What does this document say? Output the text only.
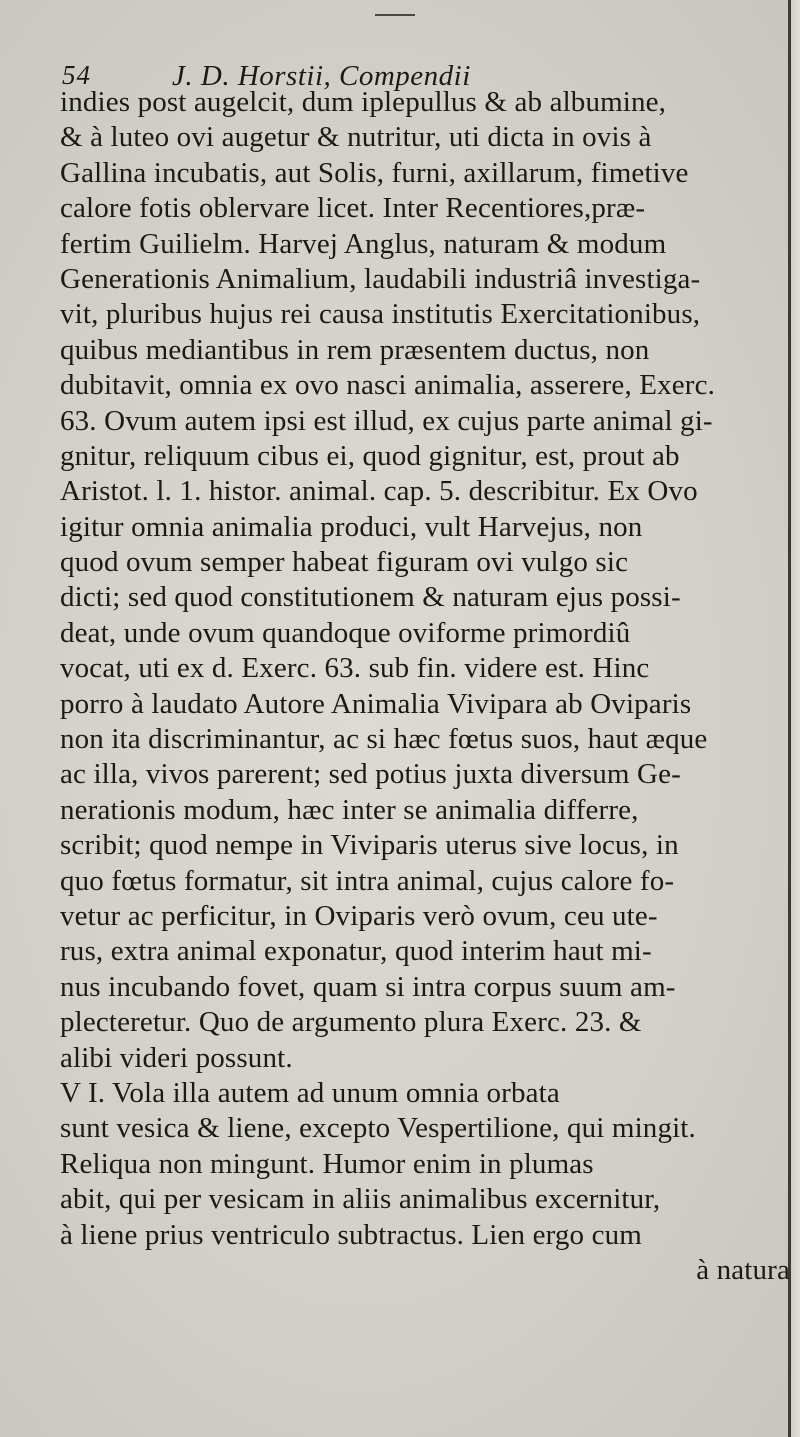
54	J. D. Horstii, Compendii
indies post augelcit, dum iplepullus & ab albumine,
& à luteo ovi augetur & nutritur, uti dicta in ovis à
Gallina incubatis, aut Solis, furni, axillarum, fimetive
calore fotis oblervare licet. Inter Recentiores,præ-
fertim Guilielm. Harvej Anglus, naturam & modum
Generationis Animalium, laudabili industriâ investiga-
vit, pluribus hujus rei causa institutis Exercitationibus,
quibus mediantibus in rem præsentem ductus, non
dubitavit, omnia ex ovo nasci animalia, asserere, Exerc.
63. Ovum autem ipsi est illud, ex cujus parte animal gi-
gnitur, reliquum cibus ei, quod gignitur, est, prout ab
Aristot. l. 1. histor. animal. cap. 5. describitur. Ex Ovo
igitur omnia animalia produci, vult Harvejus, non
quod ovum semper habeat figuram ovi vulgo sic
dicti; sed quod constitutionem & naturam ejus possi-
deat, unde ovum quandoque oviforme primordiû
vocat, uti ex d. Exerc. 63. sub fin. videre est. Hinc
porro à laudato Autore Animalia Vivipara ab Oviparis
non ita discriminantur, ac si hæc fœtus suos, haut æque
ac illa, vivos parerent; sed potius juxta diversum Ge-
nerationis modum, hæc inter se animalia differre,
scribit; quod nempe in Viviparis uterus sive locus, in
quo fœtus formatur, sit intra animal, cujus calore fo-
vetur ac perficitur, in Oviparis verò ovum, ceu ute-
rus, extra animal exponatur, quod interim haut mi-
nus incubando fovet, quam si intra corpus suum am-
plecteretur. Quo de argumento plura Exerc. 23. &
alibi videri possunt.
V I. Vola illa autem ad unum omnia orbata
sunt vesica & liene, excepto Vespertilione, qui mingit.
Reliqua non mingunt. Humor enim in plumas
abit, qui per vesicam in aliis animalibus excernitur,
à liene prius ventriculo subtractus. Lien ergo cum
à natura
